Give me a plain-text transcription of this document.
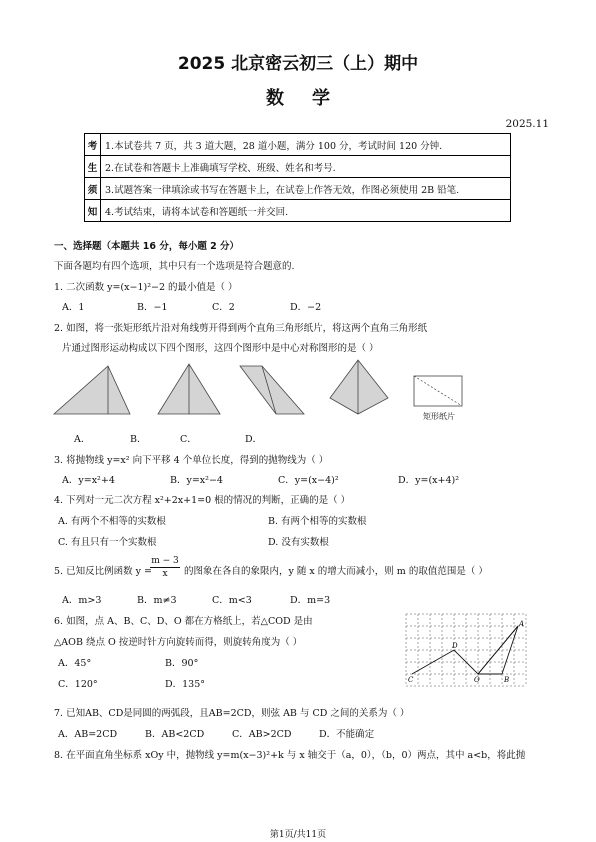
2025 北京密云初三（上）期中
数学
2025.11
考	1.本试卷共 7 页，共 3 道大题，28 道小题，满分 100 分，考试时间 120 分钟.
生	2.在试卷和答题卡上准确填写学校、班级、姓名和考号.
须	3.试题答案一律填涂或书写在答题卡上，在试卷上作答无效，作图必须使用 2B 铅笔.
知	4.考试结束，请将本试卷和答题纸一并交回.
一、选择题（本题共 16 分，每小题 2 分）
下面各题均有四个选项，其中只有一个选项是符合题意的.
1. 二次函数 y=(x−1)²−2 的最小值是（ ）
A．1	B．−1	C．2	D．−2
2. 如图，将一张矩形纸片沿对角线剪开得到两个直角三角形纸片，将这两个直角三角形纸
片通过图形运动构成以下四个图形，这四个图形中是中心对称图形的是（ ）
矩形纸片
A．	B．	C．	D．
3. 将抛物线 y=x² 向下平移 4 个单位长度，得到的抛物线为（ ）
A．y=x²+4	B．y=x²−4	C．y=(x−4)²	D．y=(x+4)²
4. 下列对一元二次方程 x²+2x+1=0 根的情况的判断，正确的是（ ）
A. 有两个不相等的实数根	B. 有两个相等的实数根
C. 有且只有一个实数根	D. 没有实数根
5. 已知反比例函数 y =
$\frac{m - 3}{x}$ 的图象在各自的象限内，y 随 x 的增大而减小，则 m 的取值范围是（ ）
A．m>3	B．m≠3	C．m<3	D．m=3
6. 如图，点 A、B、C、D、O 都在方格纸上，若△COD 是由
△AOB 绕点 O 按逆时针方向旋转而得，则旋转角度为（ ）
A．45°	B．90°
C．120°	D．135°	C
D
O	B
A
7. 已知AB、CD是同圆的两弧段，且AB=2CD，则弦 AB 与 CD 之间的关系为（ ）
A．AB=2CD	B．AB<2CD	C．AB>2CD	D．不能确定
8. 在平面直角坐标系 xOy 中，抛物线 y=m(x−3)²+k 与 x 轴交于（a，0），（b，0）两点，其中 a<b，将此抛
第1页/共11页
